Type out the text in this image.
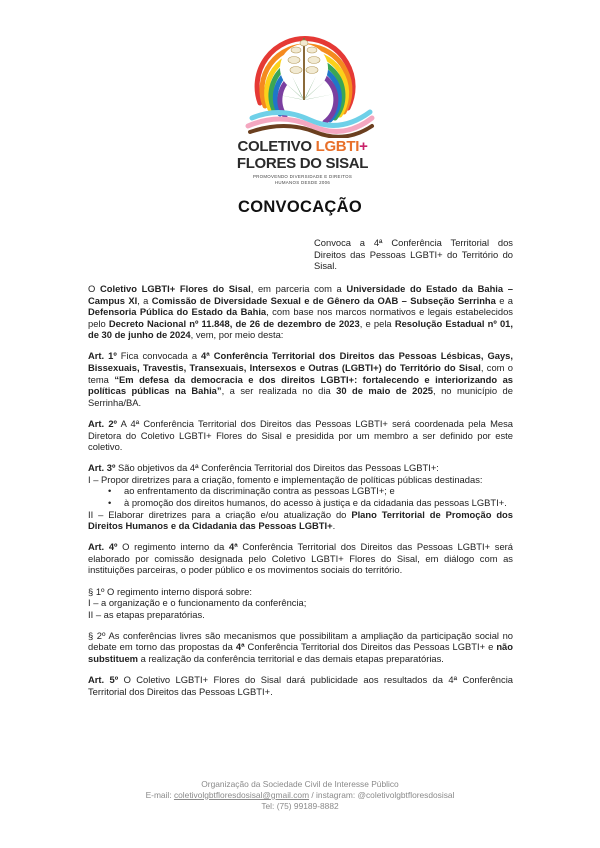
COLETIVO LGBTI+
FLORES DO SISAL
PROMOVENDO DIVERSIDADE E DIREITOS
HUMANOS DESDE 2006
CONVOCAÇÃO
Convoca a 4ª Conferência Territorial dos Direitos das Pessoas LGBTI+ do Território do Sisal.

O Coletivo LGBTI+ Flores do Sisal, em parceria com a Universidade do Estado da Bahia – Campus XI, a Comissão de Diversidade Sexual e de Gênero da OAB – Subseção Serrinha e a Defensoria Pública do Estado da Bahia, com base nos marcos normativos e legais estabelecidos pelo Decreto Nacional nº 11.848, de 26 de dezembro de 2023, e pela Resolução Estadual nº 01, de 30 de junho de 2024, vem, por meio desta:

Art. 1º Fica convocada a 4ª Conferência Territorial dos Direitos das Pessoas Lésbicas, Gays, Bissexuais, Travestis, Transexuais, Intersexos e Outras (LGBTI+) do Território do Sisal, com o tema “Em defesa da democracia e dos direitos LGBTI+: fortalecendo e interiorizando as políticas públicas na Bahia”, a ser realizada no dia 30 de maio de 2025, no município de Serrinha/BA.

Art. 2º A 4ª Conferência Territorial dos Direitos das Pessoas LGBTI+ será coordenada pela Mesa Diretora do Coletivo LGBTI+ Flores do Sisal e presidida por um membro a ser definido por este coletivo.

Art. 3º São objetivos da 4ª Conferência Territorial dos Direitos das Pessoas LGBTI+:
I – Propor diretrizes para a criação, fomento e implementação de políticas públicas destinadas:
• ao enfrentamento da discriminação contra as pessoas LGBTI+; e
• à promoção dos direitos humanos, do acesso à justiça e da cidadania das pessoas LGBTI+.
II – Elaborar diretrizes para a criação e/ou atualização do Plano Territorial de Promoção dos Direitos Humanos e da Cidadania das Pessoas LGBTI+.

Art. 4º O regimento interno da 4ª Conferência Territorial dos Direitos das Pessoas LGBTI+ será elaborado por comissão designada pelo Coletivo LGBTI+ Flores do Sisal, em diálogo com as instituições parceiras, o poder público e os movimentos sociais do território.

§ 1º O regimento interno disporá sobre:
I – a organização e o funcionamento da conferência;
II – as etapas preparatórias.

§ 2º As conferências livres são mecanismos que possibilitam a ampliação da participação social no debate em torno das propostas da 4ª Conferência Territorial dos Direitos das Pessoas LGBTI+ e não substituem a realização da conferência territorial e das demais etapas preparatórias.

Art. 5º O Coletivo LGBTI+ Flores do Sisal dará publicidade aos resultados da 4ª Conferência Territorial dos Direitos das Pessoas LGBTI+.

Organização da Sociedade Civil de Interesse Público
E-mail: coletivolgbtfloresdosisal@gmail.com / instagram: @coletivolgbtfloresdosisal
Tel: (75) 99189-8882
